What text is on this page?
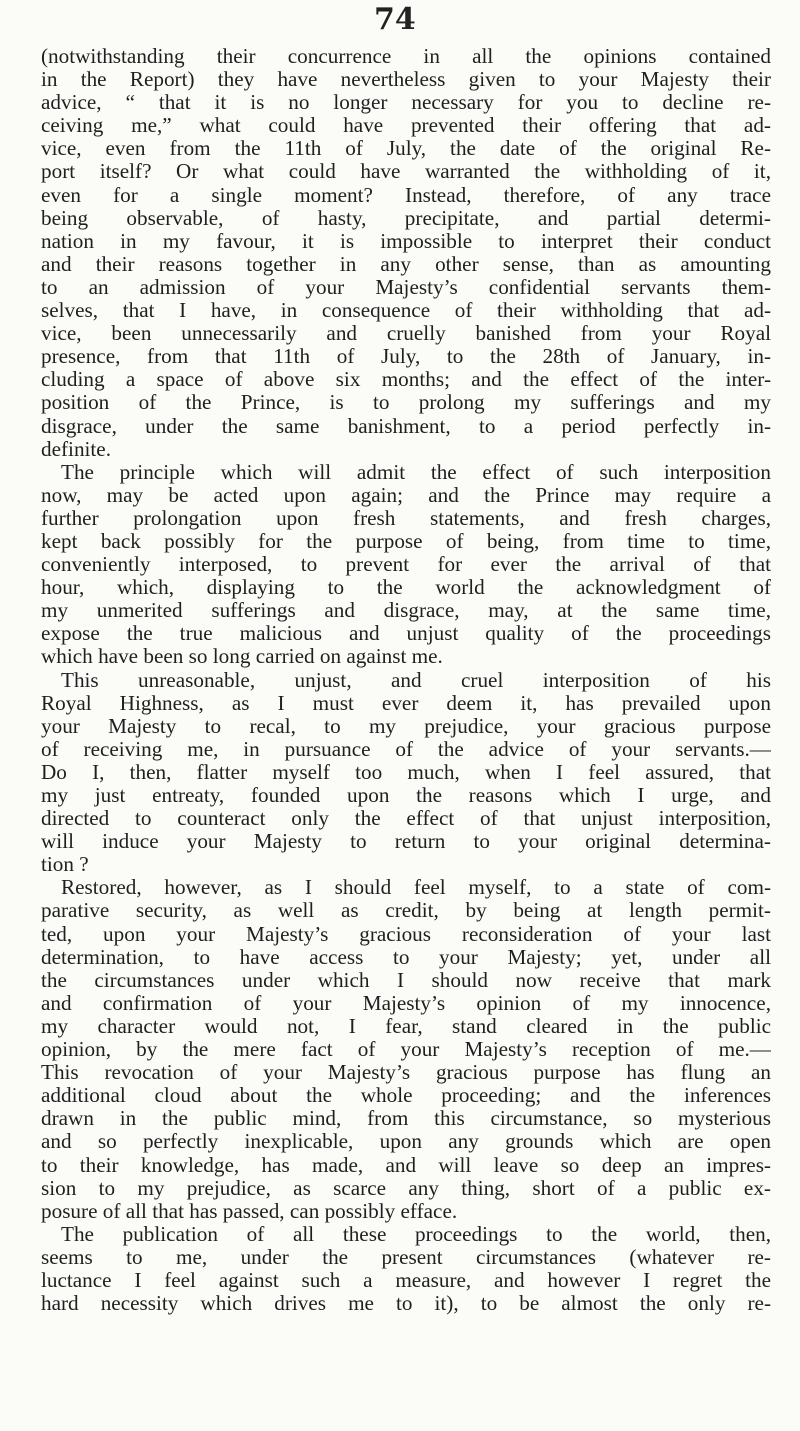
74
(notwithstanding their concurrence in all the opinions contained
in the Report) they have nevertheless given to your Majesty their
advice, “ that it is no longer necessary for you to decline re-
ceiving me,” what could have prevented their offering that ad-
vice, even from the 11th of July, the date of the original Re-
port itself? Or what could have warranted the withholding of it,
even for a single moment? Instead, therefore, of any trace
being observable, of hasty, precipitate, and partial determi-
nation in my favour, it is impossible to interpret their conduct
and their reasons together in any other sense, than as amounting
to an admission of your Majesty’s confidential servants them-
selves, that I have, in consequence of their withholding that ad-
vice, been unnecessarily and cruelly banished from your Royal
presence, from that 11th of July, to the 28th of January, in-
cluding a space of above six months; and the effect of the inter-
position of the Prince, is to prolong my sufferings and my
disgrace, under the same banishment, to a period perfectly in-
definite.
The principle which will admit the effect of such interposition
now, may be acted upon again; and the Prince may require a
further prolongation upon fresh statements, and fresh charges,
kept back possibly for the purpose of being, from time to time,
conveniently interposed, to prevent for ever the arrival of that
hour, which, displaying to the world the acknowledgment of
my unmerited sufferings and disgrace, may, at the same time,
expose the true malicious and unjust quality of the proceedings
which have been so long carried on against me.
This unreasonable, unjust, and cruel interposition of his
Royal Highness, as I must ever deem it, has prevailed upon
your Majesty to recal, to my prejudice, your gracious purpose
of receiving me, in pursuance of the advice of your servants.—
Do I, then, flatter myself too much, when I feel assured, that
my just entreaty, founded upon the reasons which I urge, and
directed to counteract only the effect of that unjust interposition,
will induce your Majesty to return to your original determina-
tion ?
Restored, however, as I should feel myself, to a state of com-
parative security, as well as credit, by being at length permit-
ted, upon your Majesty’s gracious reconsideration of your last
determination, to have access to your Majesty; yet, under all
the circumstances under which I should now receive that mark
and confirmation of your Majesty’s opinion of my innocence,
my character would not, I fear, stand cleared in the public
opinion, by the mere fact of your Majesty’s reception of me.—
This revocation of your Majesty’s gracious purpose has flung an
additional cloud about the whole proceeding; and the inferences
drawn in the public mind, from this circumstance, so mysterious
and so perfectly inexplicable, upon any grounds which are open
to their knowledge, has made, and will leave so deep an impres-
sion to my prejudice, as scarce any thing, short of a public ex-
posure of all that has passed, can possibly efface.
The publication of all these proceedings to the world, then,
seems to me, under the present circumstances (whatever re-
luctance I feel against such a measure, and however I regret the
hard necessity which drives me to it), to be almost the only re-
